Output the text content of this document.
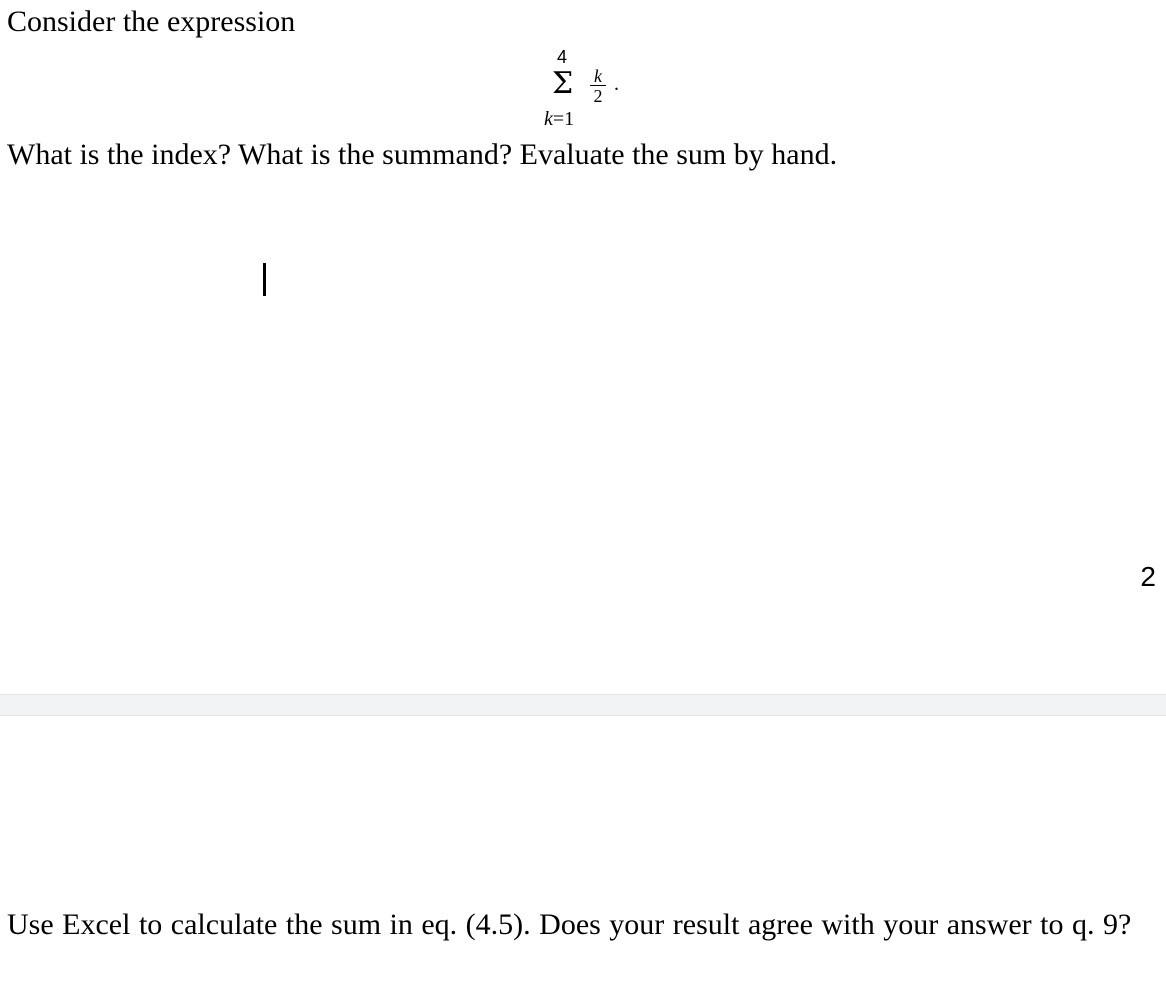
Consider the expression
4
Σ
k=1
$\frac{k}{2}$ .
What is the index? What is the summand? Evaluate the sum by hand.
2
Use Excel to calculate the sum in eq. (4.5). Does your result agree with your answer to q. 9?
